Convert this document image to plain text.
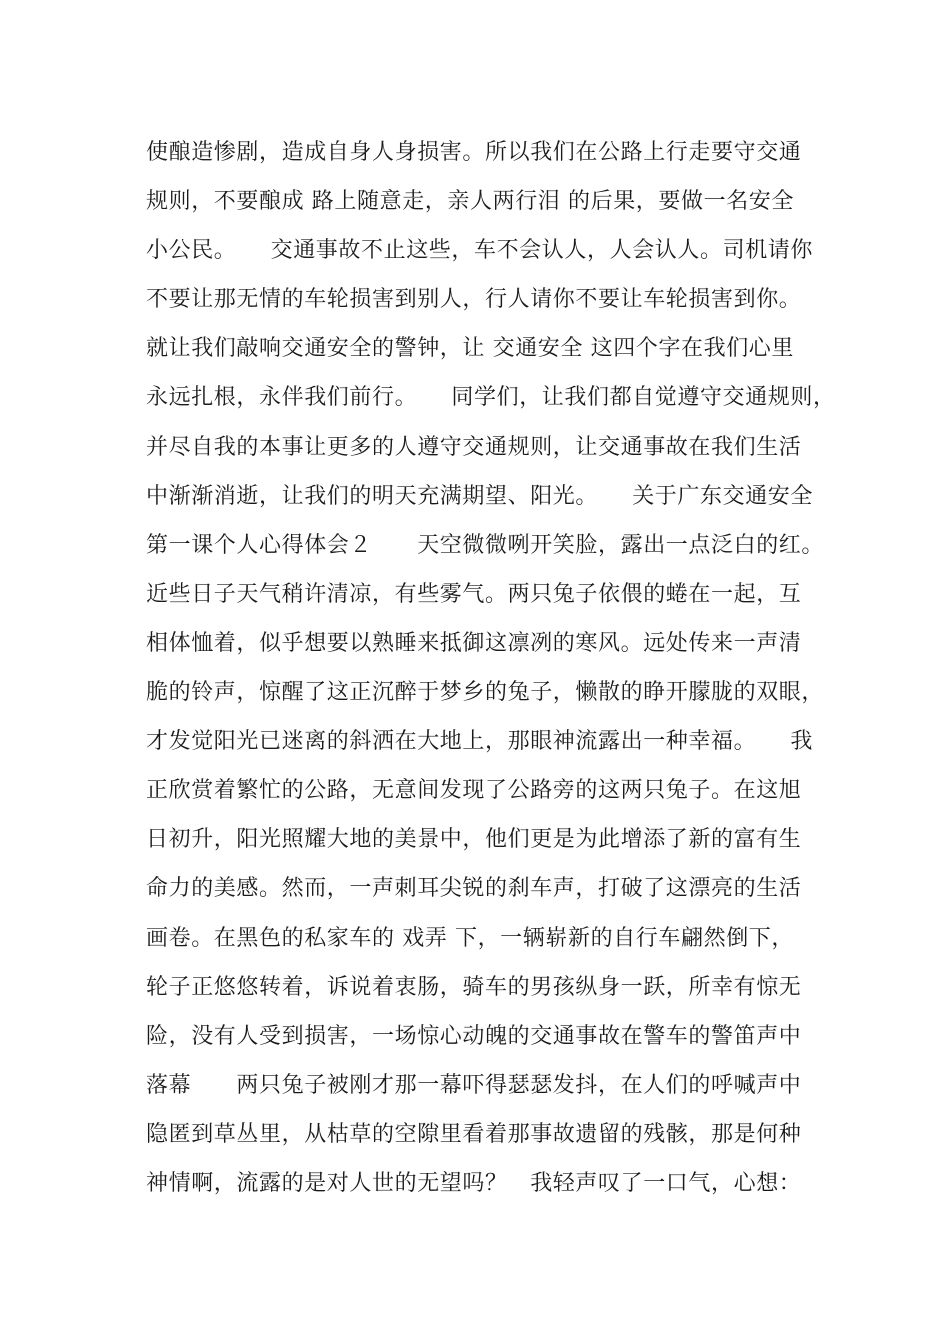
使酿造惨剧，造成自身人身损害。所以我们在公路上行走要守交通
规则，不要酿成 路上随意走，亲人两行泪 的后果，要做一名安全
小公民。　　交通事故不止这些，车不会认人，人会认人。司机请你
不要让那无情的车轮损害到别人，行人请你不要让车轮损害到你。
就让我们敲响交通安全的警钟，让 交通安全 这四个字在我们心里
永远扎根，永伴我们前行。　　同学们，让我们都自觉遵守交通规则，
并尽自我的本事让更多的人遵守交通规则，让交通事故在我们生活
中渐渐消逝，让我们的明天充满期望、阳光。　　关于广东交通安全
第一课个人心得体会２　　天空微微咧开笑脸，露出一点泛白的红。
近些日子天气稍许清凉，有些雾气。两只兔子依偎的蜷在一起，互
相体恤着，似乎想要以熟睡来抵御这凛冽的寒风。远处传来一声清
脆的铃声，惊醒了这正沉醉于梦乡的兔子，懒散的睁开朦胧的双眼，
才发觉阳光已迷离的斜洒在大地上，那眼神流露出一种幸福。　　我
正欣赏着繁忙的公路，无意间发现了公路旁的这两只兔子。在这旭
日初升，阳光照耀大地的美景中，他们更是为此增添了新的富有生
命力的美感。然而，一声刺耳尖锐的刹车声，打破了这漂亮的生活
画卷。在黑色的私家车的 戏弄 下，一辆崭新的自行车翩然倒下，
轮子正悠悠转着，诉说着衷肠，骑车的男孩纵身一跃，所幸有惊无
险，没有人受到损害，一场惊心动魄的交通事故在警车的警笛声中
落幕　　两只兔子被刚才那一幕吓得瑟瑟发抖，在人们的呼喊声中
隐匿到草丛里，从枯草的空隙里看着那事故遗留的残骸，那是何种
神情啊，流露的是对人世的无望吗？　我轻声叹了一口气，心想：
